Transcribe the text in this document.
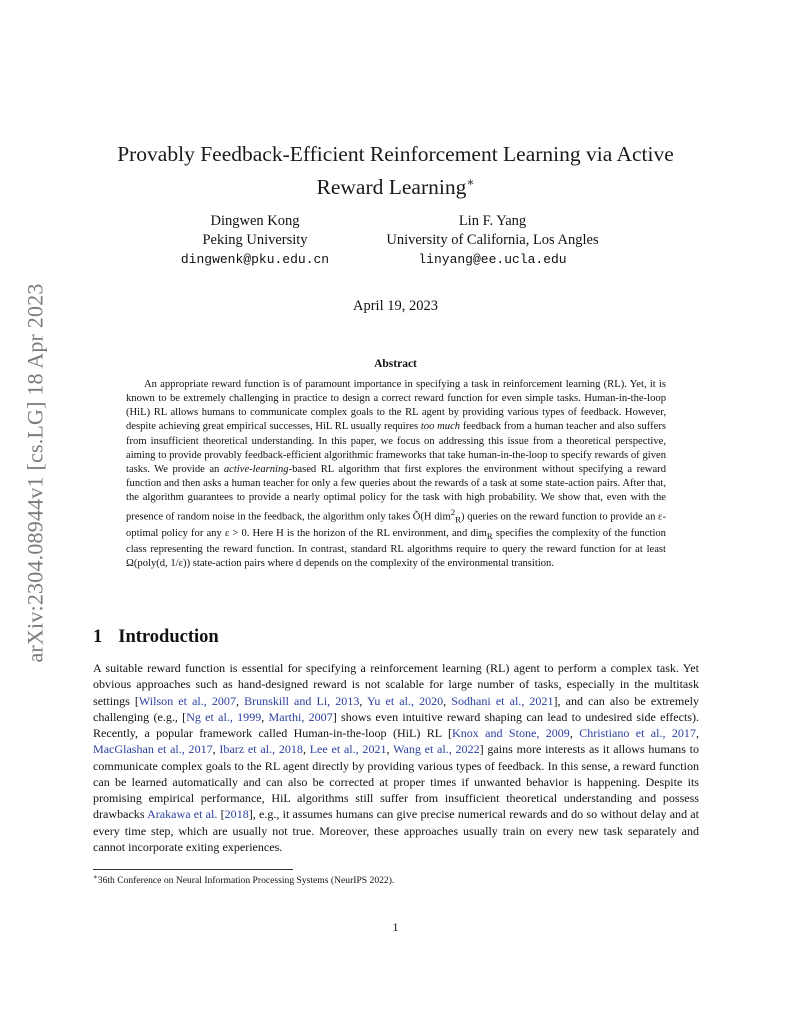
arXiv:2304.08944v1 [cs.LG] 18 Apr 2023
Provably Feedback-Efficient Reinforcement Learning via Active
Reward Learning∗
Dingwen Kong
Peking University
dingwenk@pku.edu.cn
Lin F. Yang
University of California, Los Angles
linyang@ee.ucla.edu
April 19, 2023
Abstract

An appropriate reward function is of paramount importance in specifying a task in reinforcement learning (RL). Yet, it is known to be extremely challenging in practice to design a correct reward function for even simple tasks. Human-in-the-loop (HiL) RL allows humans to communicate complex goals to the RL agent by providing various types of feedback. However, despite achieving great empirical successes, HiL RL usually requires too much feedback from a human teacher and also suffers from insufficient theoretical understanding. In this paper, we focus on addressing this issue from a theoretical perspective, aiming to provide provably feedback-efficient algorithmic frameworks that take human-in-the-loop to specify rewards of given tasks. We provide an active-learning-based RL algorithm that first explores the environment without specifying a reward function and then asks a human teacher for only a few queries about the rewards of a task at some state-action pairs. After that, the algorithm guarantees to provide a nearly optimal policy for the task with high probability. We show that, even with the presence of random noise in the feedback, the algorithm only takes Õ(H dim$^2_R$) queries on the reward function to provide an ε-optimal policy for any ε > 0. Here H is the horizon of the RL environment, and dim$_R$ specifies the complexity of the function class representing the reward function. In contrast, standard RL algorithms require to query the reward function for at least Ω(poly(d, 1/ε)) state-action pairs where d depends on the complexity of the environmental transition.

1 Introduction

A suitable reward function is essential for specifying a reinforcement learning (RL) agent to perform a complex task. Yet obvious approaches such as hand-designed reward is not scalable for large number of tasks, especially in the multitask settings [Wilson et al., 2007, Brunskill and Li, 2013, Yu et al., 2020, Sodhani et al., 2021], and can also be extremely challenging (e.g., [Ng et al., 1999, Marthi, 2007] shows even intuitive reward shaping can lead to undesired side effects). Recently, a popular framework called Human-in-the-loop (HiL) RL [Knox and Stone, 2009, Christiano et al., 2017, MacGlashan et al., 2017, Ibarz et al., 2018, Lee et al., 2021, Wang et al., 2022] gains more interests as it allows humans to communicate complex goals to the RL agent directly by providing various types of feedback. In this sense, a reward function can be learned automatically and can also be corrected at proper times if unwanted behavior is happening. Despite its promising empirical performance, HiL algorithms still suffer from insufficient theoretical understanding and possess drawbacks Arakawa et al. [2018], e.g., it assumes humans can give precise numerical rewards and do so without delay and at every time step, which are usually not true. Moreover, these approaches usually train on every new task separately and cannot incorporate exiting experiences.

∗36th Conference on Neural Information Processing Systems (NeurIPS 2022).
1
